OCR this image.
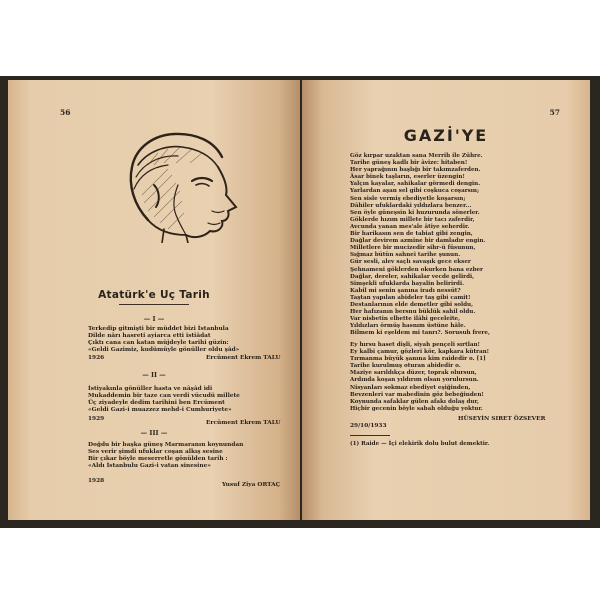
56
Atatürk'e Uç Tarih
— I —
Terkedip gitmişti bir müddet bizi İstanbula
Dilde nârı hasreti ayiarca etti istiâdat
Çıktı cana can katan müjdeyle tarihi güzin:
«Geldi Gazimiz, kudümüyle gönüller oldu şâd»
1926	Ercüment Ekrem TALU
— II —
İstiyakınla gönüller hasta ve nâşâd idi
Mukaddemin bir taze can verdi vücudü millete
Üç ziyadeyle dedim tarihini ben Ercüment
«Geldi Gazi-i muazzez mehd-i Cumhuriyete»
1929
Ercüment Ekrem TALU
— III —
Doğdu bir başka güneş Marmaranın koynundan
Ses verir şimdi ufuklar coşan alkış sesine
Bir çıkar böyle meserretle gönülden tarih :
«Aldı İstanbulu Gazi-i vatan sinesine»
1928
Yusuf Ziya ORTAÇ
57
GAZİ'YE
Göz kırpar uzaktan sana Merrih ile Zühre.
Tarihe güneş kadlı bir âvize: hitaben!
Her yaprağının başlığı bir takımzaferden.
Âsar binek taşların, eserler üzengin!
Yalçın kayalar, sahikalar görmedi dengin.
Yarlardan aşan sel gibi coşkuca coşarsın;
Sen sisle vermiş ebediyetle koşarsın;
Dâhiler ufuklardaki yıldızlara benzer...
Sen öyle güneşsin ki huzurunda sönerler.
Göklerde hızım millete bir tacı zaferdir,
Avcunda yanan mes'ale âtiye seherdir.
Bir harikasın sen de tabiat gibi zengin,
Dağlar devirem azmine bir damladır engin.
Milletlere bir mucizedir sihr-ü füsunun,
Sığmaz bütün sahnei tarihe şunun.
Gür sesli, alev saçlı savaşık gece ekser
Şehnameni göklerden okurken bana ezber
Dağlar, dereler, sahikalar vecde gelirdi,
Simşekli ufuklarda hayalin belirirdi.
Kabil mi senin şanına iradı nessüt?
Taştan yapılan abideler taş gibi camit!
Destanlarının elde demetler gibi soldu,
Her hafızanın bersnu büklük sahil oldu.
Var nisbetin elbette ilâhi geceleite,
Yıldızları örmüş hasnım üstüne hâle.
Bilmem ki eşeldem mi tanrı?. Sorusuh frere,
Ey hırsu haset dişli, siyah pençeli sırtlan!
Ey kalbi çamur, gözleri kör, kapkara kütran!
Tırmanma büyük şanına kim raidedir o. [1]
Tarihe kurulmuş oturan abidedir o.
Maziye sarıldıkça düzer, toprak olursun,
Ardında koşan yıldırım olsan yorulursun.
Nisyanları sokmaz ebediyet eşiğinden,
Bevzenleri var mabedinin göz bebeğinden!
Koynunda safaklar gülen afakı dolaş dur,
Hiçbir gecenin böyle sabah olduğu yoktur.
29/10/1933
HÜSEYİN SIRET ÖZSEVER
(1) Raide — İçi elekirik dolu bulut demektir.
